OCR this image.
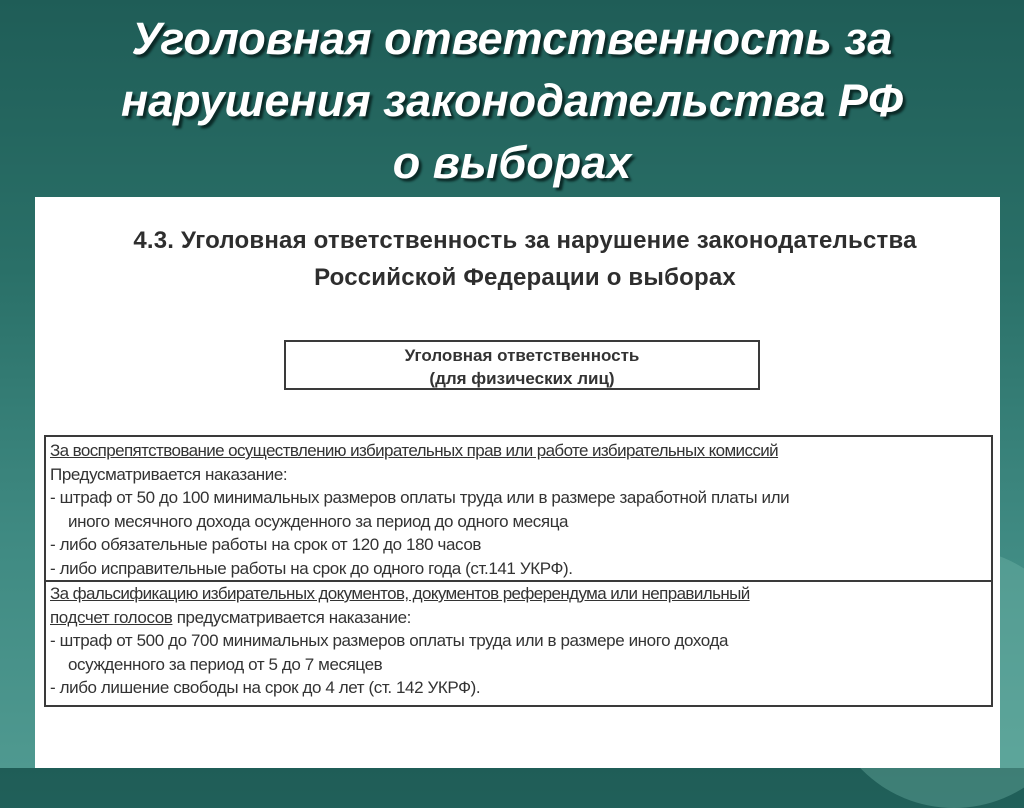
Уголовная ответственность за
нарушения законодательства РФ
о выборах
4.3. Уголовная ответственность за нарушение законодательства
Российской Федерации о выборах
Уголовная ответственность
(для физических лиц)
За воспрепятствование осуществлению избирательных прав или работе избирательных комиссий
Предусматривается наказание:
- штраф от 50 до 100 минимальных размеров оплаты труда или в размере заработной платы или
иного месячного дохода осужденного за период до одного месяца
- либо обязательные работы на срок от 120 до 180 часов
- либо исправительные работы на срок до одного года (ст.141 УКРФ).
За фальсификацию избирательных документов, документов референдума или неправильный
подсчет голосов предусматривается наказание:
- штраф от 500 до 700 минимальных размеров оплаты труда или в размере иного дохода
осужденного за период от 5 до 7 месяцев
- либо лишение свободы на срок до 4 лет (ст. 142 УКРФ).
